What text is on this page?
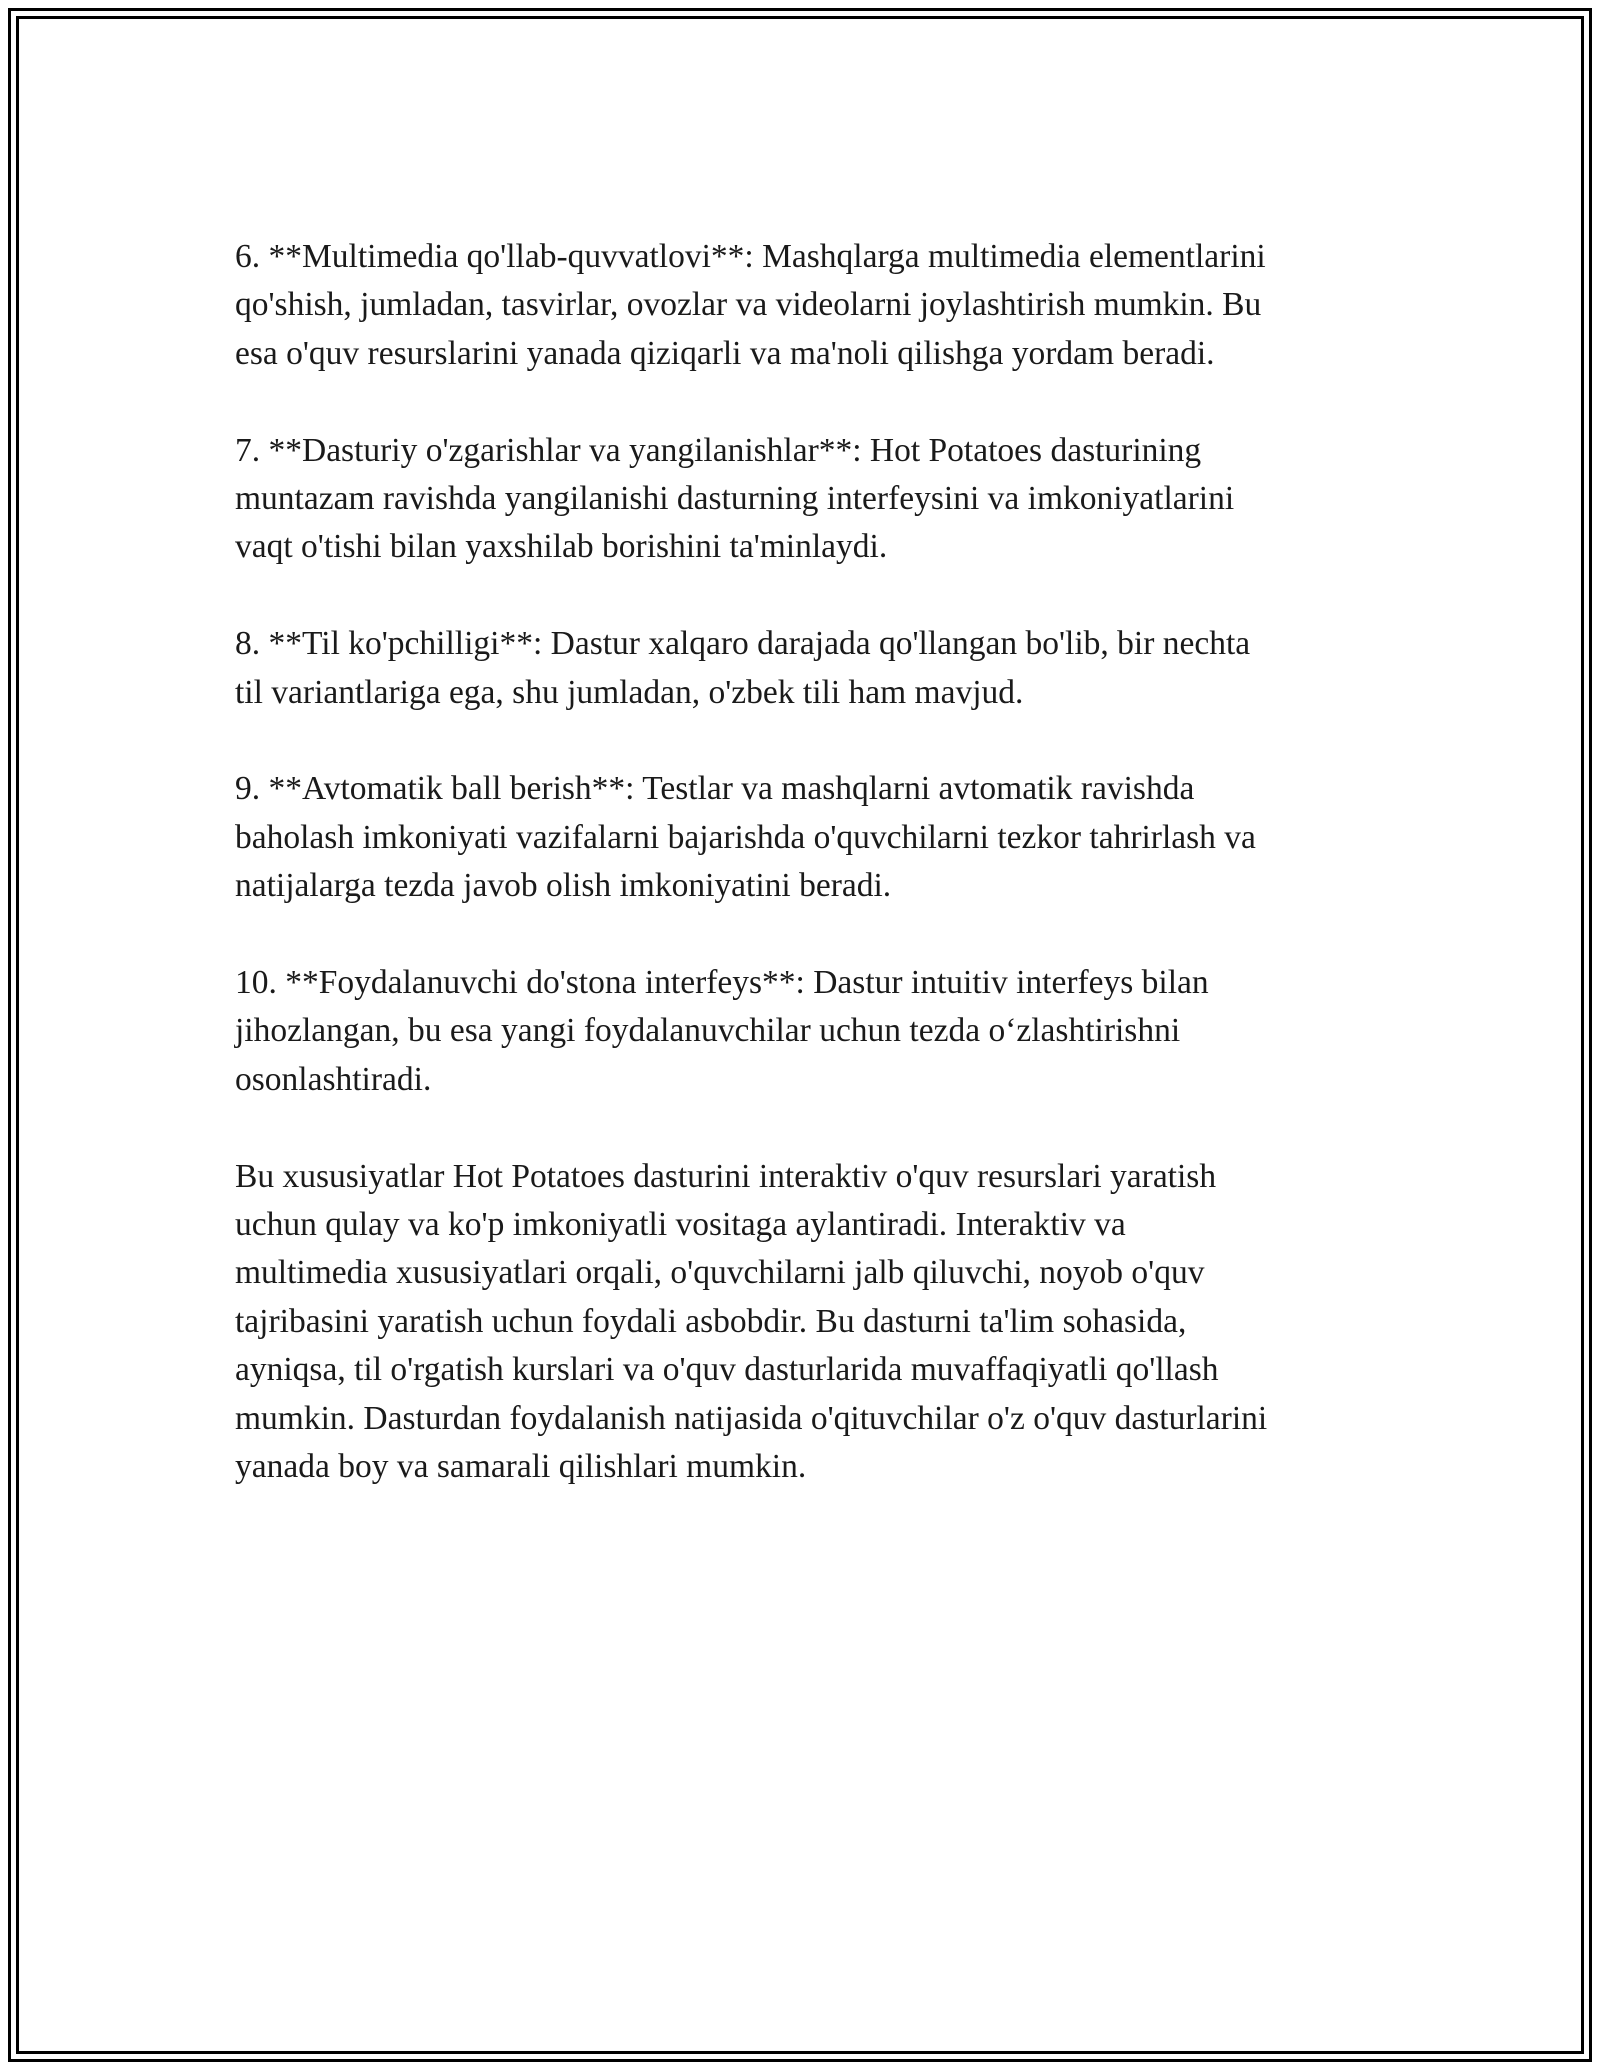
6. **Multimedia qo'llab-quvvatlovi**: Mashqlarga multimedia elementlarini
qo'shish, jumladan, tasvirlar, ovozlar va videolarni joylashtirish mumkin. Bu
esa o'quv resurslarini yanada qiziqarli va ma'noli qilishga yordam beradi.

7. **Dasturiy o'zgarishlar va yangilanishlar**: Hot Potatoes dasturining
muntazam ravishda yangilanishi dasturning interfeysini va imkoniyatlarini
vaqt o'tishi bilan yaxshilab borishini ta'minlaydi.

8. **Til ko'pchilligi**: Dastur xalqaro darajada qo'llangan bo'lib, bir nechta
til variantlariga ega, shu jumladan, o'zbek tili ham mavjud.

9. **Avtomatik ball berish**: Testlar va mashqlarni avtomatik ravishda
baholash imkoniyati vazifalarni bajarishda o'quvchilarni tezkor tahrirlash va
natijalarga tezda javob olish imkoniyatini beradi.

10. **Foydalanuvchi do'stona interfeys**: Dastur intuitiv interfeys bilan
jihozlangan, bu esa yangi foydalanuvchilar uchun tezda o‘zlashtirishni
osonlashtiradi.

Bu xususiyatlar Hot Potatoes dasturini interaktiv o'quv resurslari yaratish
uchun qulay va ko'p imkoniyatli vositaga aylantiradi. Interaktiv va
multimedia xususiyatlari orqali, o'quvchilarni jalb qiluvchi, noyob o'quv
tajribasini yaratish uchun foydali asbobdir. Bu dasturni ta'lim sohasida,
ayniqsa, til o'rgatish kurslari va o'quv dasturlarida muvaffaqiyatli qo'llash
mumkin. Dasturdan foydalanish natijasida o'qituvchilar o'z o'quv dasturlarini
yanada boy va samarali qilishlari mumkin.
